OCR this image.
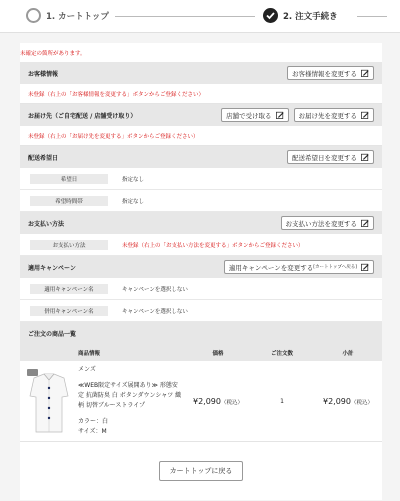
1. カートトップ	2. 注文手続き
未確定の箇所があります。
お客様情報	お客様情報を変更する
未登録（右上の「お客様情報を変更する」ボタンからご登録ください）
お届け先（ご自宅配送 / 店舗受け取り）	店舗で受け取る	お届け先を変更する
未登録（右上の「お届け先を変更する」ボタンからご登録ください）
配送希望日	配送希望日を変更する
希望日	指定なし
希望時間帯	指定なし
お支払い方法	お支払い方法を変更する
お支払い方法	未登録（右上の「お支払い方法を変更する」ボタンからご登録ください）
適用キャンペーン	適用キャンペーンを変更する [カートトップへ戻る]
適用キャンペーン名	キャンペーンを選択しない
併用キャンペーン名	キャンペーンを選択しない
ご注文の商品一覧
	商品情報	価格	ご注文数	小計

メンズ
≪WEB限定サイズ展開あり≫ 形態安定 抗菌防臭 白 ボタンダウンシャツ 織柄 切替ブルーストライプ
カラー：白
サイズ：M	¥2,090（税込）	1	¥2,090（税込）
カートトップに戻る
